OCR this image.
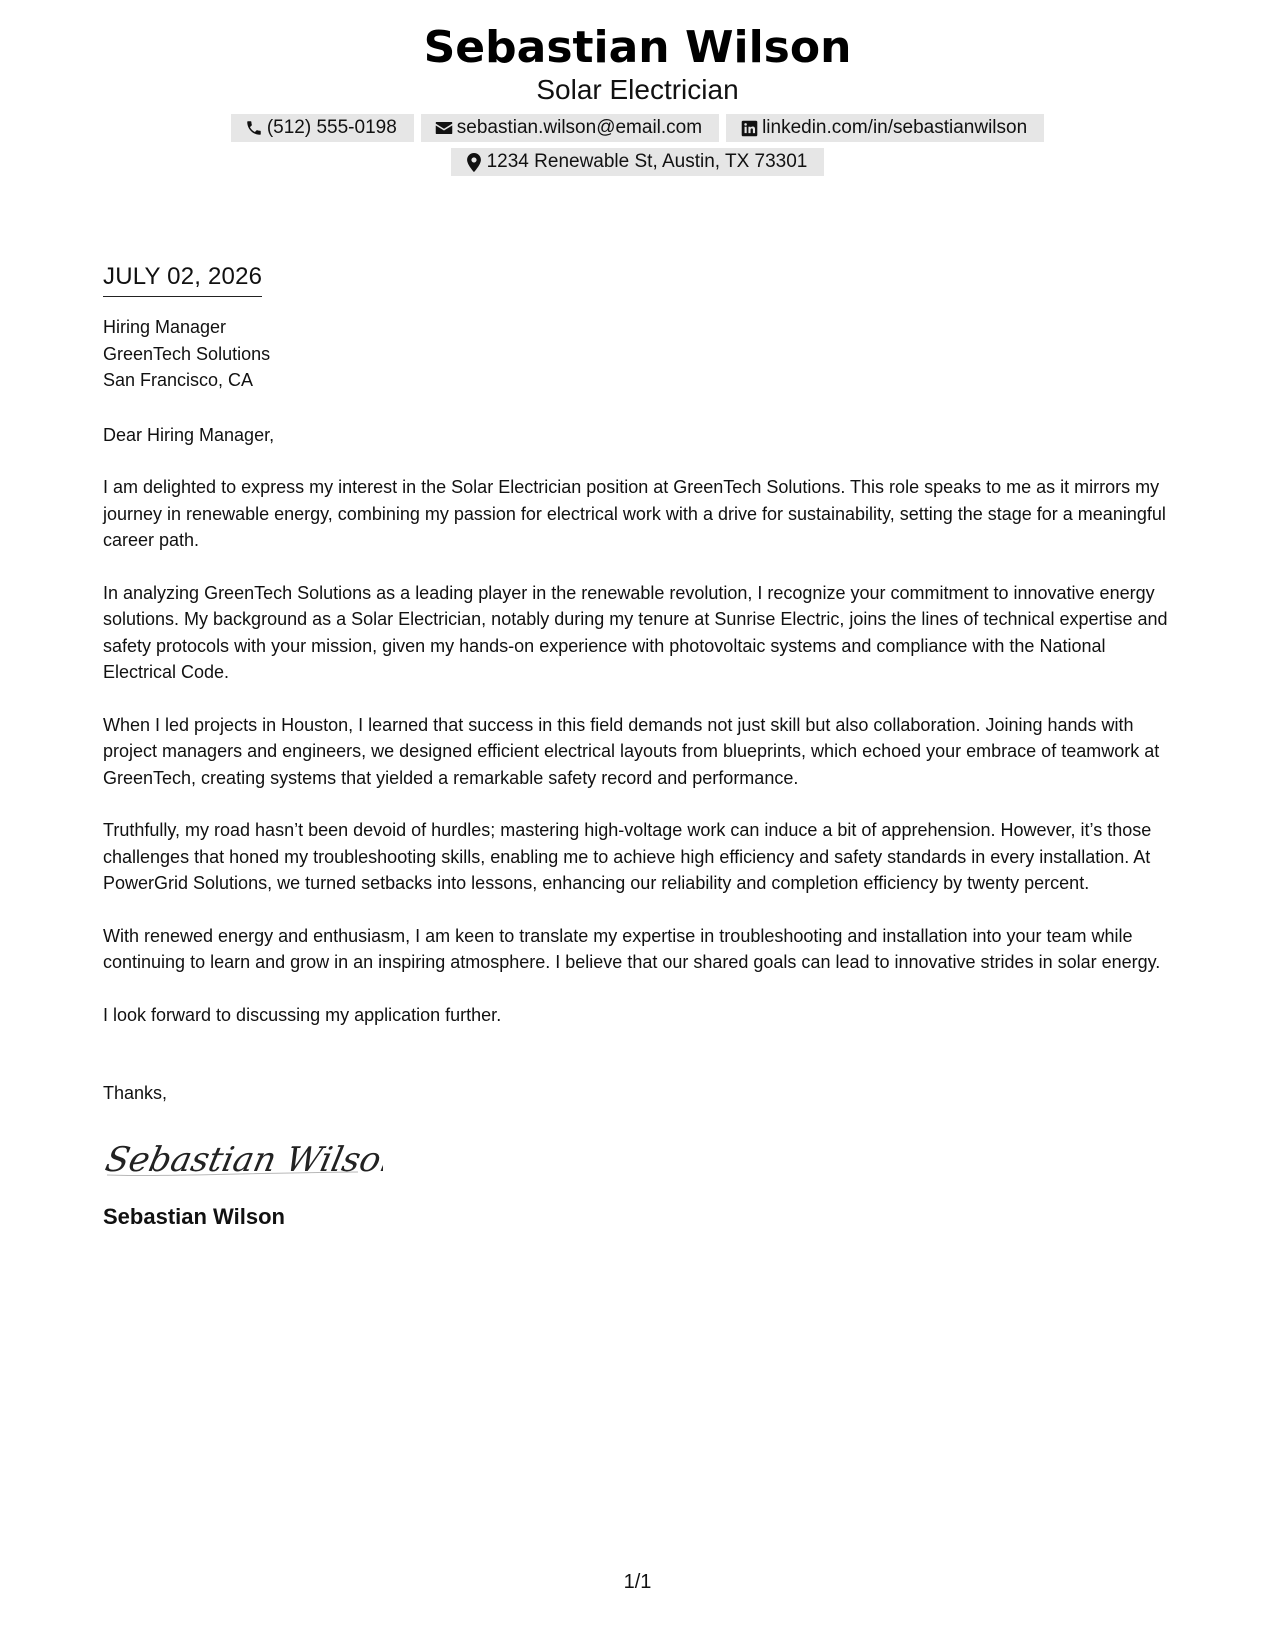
Sebastian Wilson
Solar Electrician
(512) 555-0198	sebastian.wilson@email.com	linkedin.com/in/sebastianwilson
1234 Renewable St, Austin, TX 73301
JULY 02, 2026
Hiring Manager
GreenTech Solutions
San Francisco, CA
Dear Hiring Manager,
I am delighted to express my interest in the Solar Electrician position at GreenTech Solutions. This role speaks to me as it mirrors my journey in renewable energy, combining my passion for electrical work with a drive for sustainability, setting the stage for a meaningful career path.
In analyzing GreenTech Solutions as a leading player in the renewable revolution, I recognize your commitment to innovative energy solutions. My background as a Solar Electrician, notably during my tenure at Sunrise Electric, joins the lines of technical expertise and safety protocols with your mission, given my hands-on experience with photovoltaic systems and compliance with the National Electrical Code.
When I led projects in Houston, I learned that success in this field demands not just skill but also collaboration. Joining hands with project managers and engineers, we designed efficient electrical layouts from blueprints, which echoed your embrace of teamwork at GreenTech, creating systems that yielded a remarkable safety record and performance.
Truthfully, my road hasn’t been devoid of hurdles; mastering high-voltage work can induce a bit of apprehension. However, it’s those challenges that honed my troubleshooting skills, enabling me to achieve high efficiency and safety standards in every installation. At PowerGrid Solutions, we turned setbacks into lessons, enhancing our reliability and completion efficiency by twenty percent.
With renewed energy and enthusiasm, I am keen to translate my expertise in troubleshooting and installation into your team while continuing to learn and grow in an inspiring atmosphere. I believe that our shared goals can lead to innovative strides in solar energy.
I look forward to discussing my application further.
Thanks,
Sebastian Wilson
Sebastian Wilson
1/1
